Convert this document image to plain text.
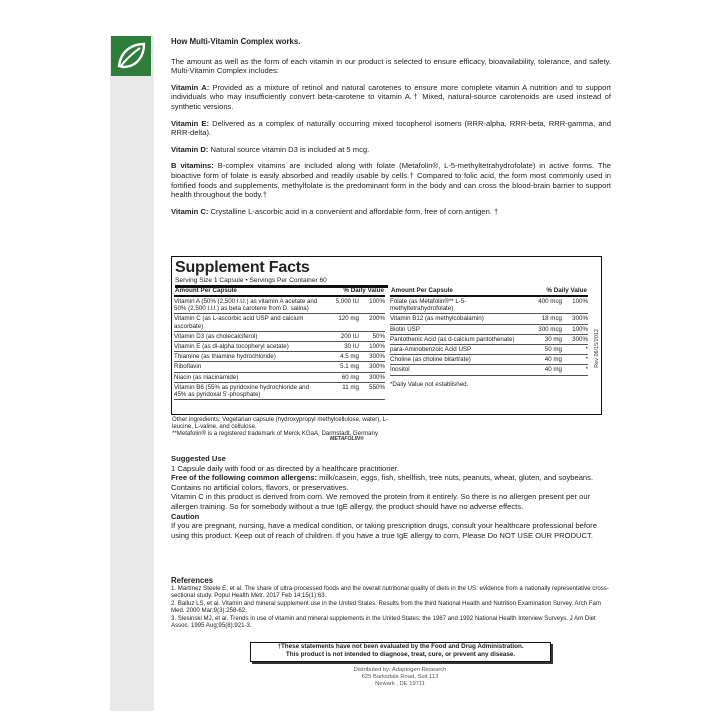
How Multi-Vitamin Complex works.

The amount as well as the form of each vitamin in our product is selected to ensure efficacy, bioavailability, tolerance, and safety. Multi-Vitamin Complex includes:

Vitamin A: Provided as a mixture of retinol and natural carotenes to ensure more complete vitamin A nutrition and to support individuals who may insufficiently convert beta-carotene to vitamin A.† Mixed, natural-source carotenoids are used instead of synthetic versions.

Vitamin E: Delivered as a complex of naturally occurring mixed tocopherol isomers (RRR-alpha, RRR-beta, RRR-gamma, and RRR-delta).

Vitamin D: Natural source vitamin D3 is included at 5 mcg.

B vitamins: B-complex vitamins are included along with folate (Metafolin®, L-5-methyltetrahydrofolate) in active forms. The bioactive form of folate is easily absorbed and readily usable by cells.† Compared to folic acid, the form most commonly used in fortified foods and supplements, methylfolate is the predominant form in the body and can cross the blood-brain barrier to support health throughout the body.†

Vitamin C: Crystalline L-ascorbic acid in a convenient and affordable form, free of corn antigen. †

Supplement Facts
Serving Size 1 Capsule • Servings Per Container 60
Amount Per Capsule	% Daily Value
Vitamin A (50% (2,500 I.U.) as vitamin A acetate and 50% (2,500 I.U.) as beta carotene from D. salina)
5,000 IU	100%
Vitamin C (as L-ascorbic acid USP and calcium ascorbate)
120 mg	200%
Vitamin D3 (as cholecalciferol)	200 IU	50%
Vitamin E (as dl-alpha tocopheryl acetate)	30 IU	100%
Thiamine (as thiamine hydrochloride)	4.5 mg	300%
Riboflavin	5.1 mg	300%
Niacin (as niacinamide)	60 mg	300%
Vitamin B6 (55% as pyridoxine hydrochloride and 45% as pyridoxal 5'-phosphate)
11 mg	550%
Amount Per Capsule	% Daily Value
Folate (as Metafolin®** L-5-methyltetrahydrofolate)
400 mcg	100%
Vitamin B12 (as methylcobalamin)	18 mcg	300%
Biotin USP	300 mcg	100%
Pantothenic Acid (as d-calcium pantothenate)	30 mg	300%
para-Aminobenzoic Acid USP	50 mg	*
Choline (as choline bitartrate)	40 mg	*
Inositol	40 mg	*
*Daily Value not established.
Rev 06/15/2012
Other ingredients: Vegetarian capsule (hydroxypropyl methylcellulose, water), L-leucine, L-valine, and cellulose.
**Metafolin® is a registered trademark of Merck KGaA, Darmstadt, Germany
METAFOLIN®

Suggested Use

1 Capsule daily with food or as directed by a healthcare practitioner.

Free of the following common allergens: milk/casein, eggs, fish, shellfish, tree nuts, peanuts, wheat, gluten, and soybeans. Contains no artificial colors, flavors, or preservatives.

Vitamin C in this product is derived from corn. We removed the protein from it entirely. So there is no allergen present per our allergen training. So for somebody without a true IgE allergy, the product should have no adverse effects.

Caution

If you are pregnant, nursing, have a medical condition, or taking prescription drugs, consult your healthcare professional before using this product. Keep out of reach of children. If you have a true IgE allergy to corn, Please Do NOT USE OUR PRODUCT.

References
1. Martínez Steele E, et al. The share of ultra-processed foods and the overall nutritional quality of diets in the US: evidence from a nationally representative cross-sectional study. Popul Health Metr. 2017 Feb 14;15(1):63.
2. Balluz LS, et al. Vitamin and mineral supplement use in the United States. Results from the third National Health and Nutrition Examination Survey. Arch Fam Med. 2000 Mar;9(3):258-62.
3. Slesinski MJ, et al. Trends in use of vitamin and mineral supplements in the United States: the 1987 and 1992 National Health Interview Surveys. J Am Diet Assoc. 1995 Aug;95(8):921-3.
†These statements have not been evaluated by the Food and Drug Administration.
This product is not intended to diagnose, treat, cure, or prevent any disease.
Distributed by: Adaptogen Research
625 Barksdale Road, Suit 113
Newark , DE 19711
